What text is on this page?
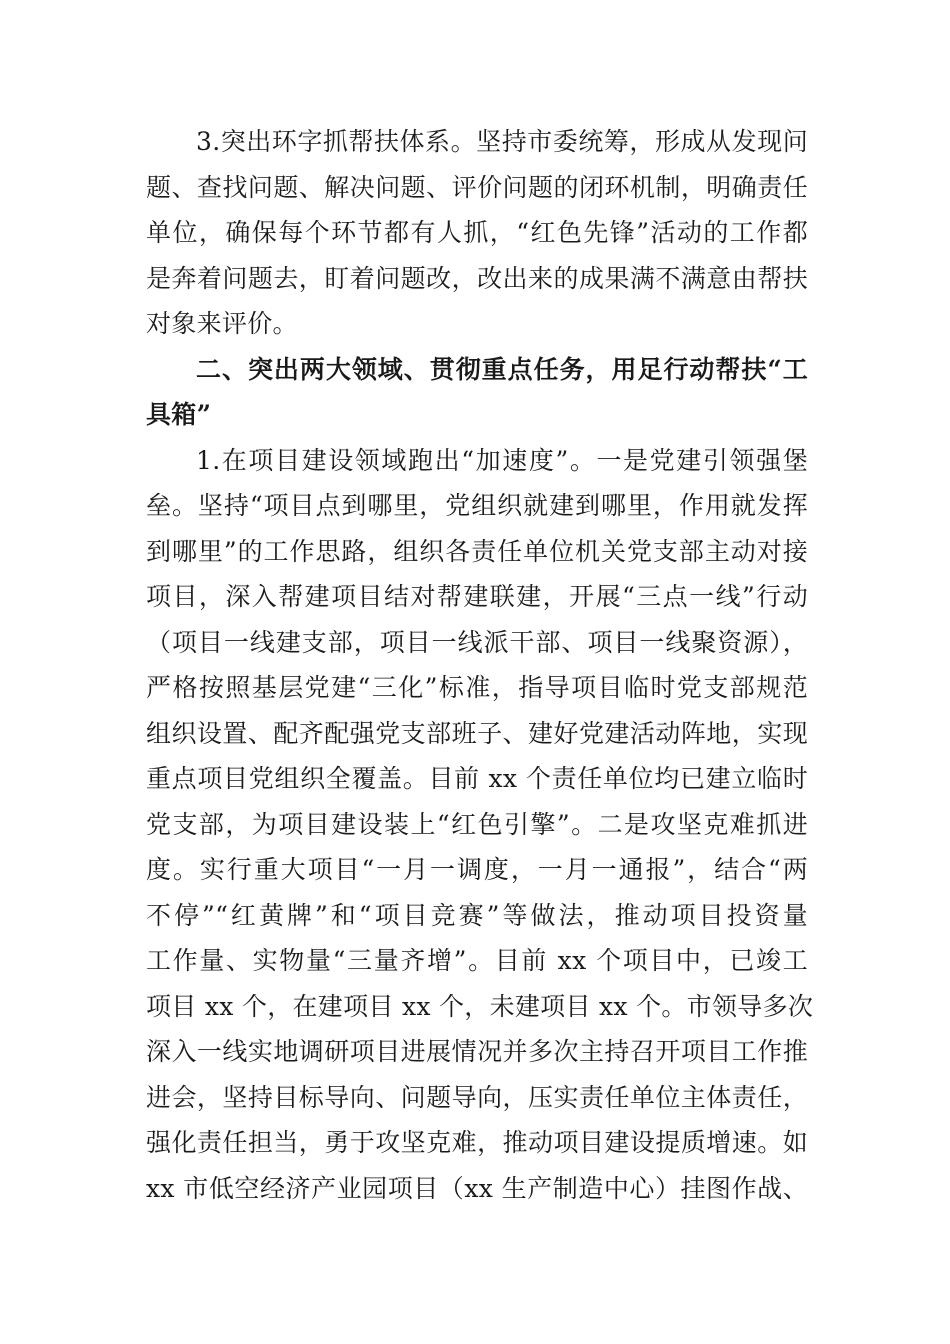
3.突出环字抓帮扶体系。坚持市委统筹，形成从发现问
题、查找问题、解决问题、评价问题的闭环机制，明确责任
单位，确保每个环节都有人抓，“红色先锋”活动的工作都
是奔着问题去，盯着问题改，改出来的成果满不满意由帮扶
对象来评价。
二、突出两大领域、贯彻重点任务，用足行动帮扶“工
具箱”
1.在项目建设领域跑出“加速度”。一是党建引领强堡
垒。坚持“项目点到哪里，党组织就建到哪里，作用就发挥
到哪里”的工作思路，组织各责任单位机关党支部主动对接
项目，深入帮建项目结对帮建联建，开展“三点一线”行动
（项目一线建支部，项目一线派干部、项目一线聚资源），
严格按照基层党建“三化”标准，指导项目临时党支部规范
组织设置、配齐配强党支部班子、建好党建活动阵地，实现
重点项目党组织全覆盖。目前 xx 个责任单位均已建立临时
党支部，为项目建设装上“红色引擎”。二是攻坚克难抓进
度。实行重大项目“一月一调度，一月一通报”，结合“两
不停”“红黄牌”和“项目竞赛”等做法，推动项目投资量
工作量、实物量“三量齐增”。目前 xx 个项目中，已竣工
项目 xx 个，在建项目 xx 个，未建项目 xx 个。市领导多次
深入一线实地调研项目进展情况并多次主持召开项目工作推
进会，坚持目标导向、问题导向，压实责任单位主体责任，
强化责任担当，勇于攻坚克难，推动项目建设提质增速。如
xx 市低空经济产业园项目（xx 生产制造中心）挂图作战、
